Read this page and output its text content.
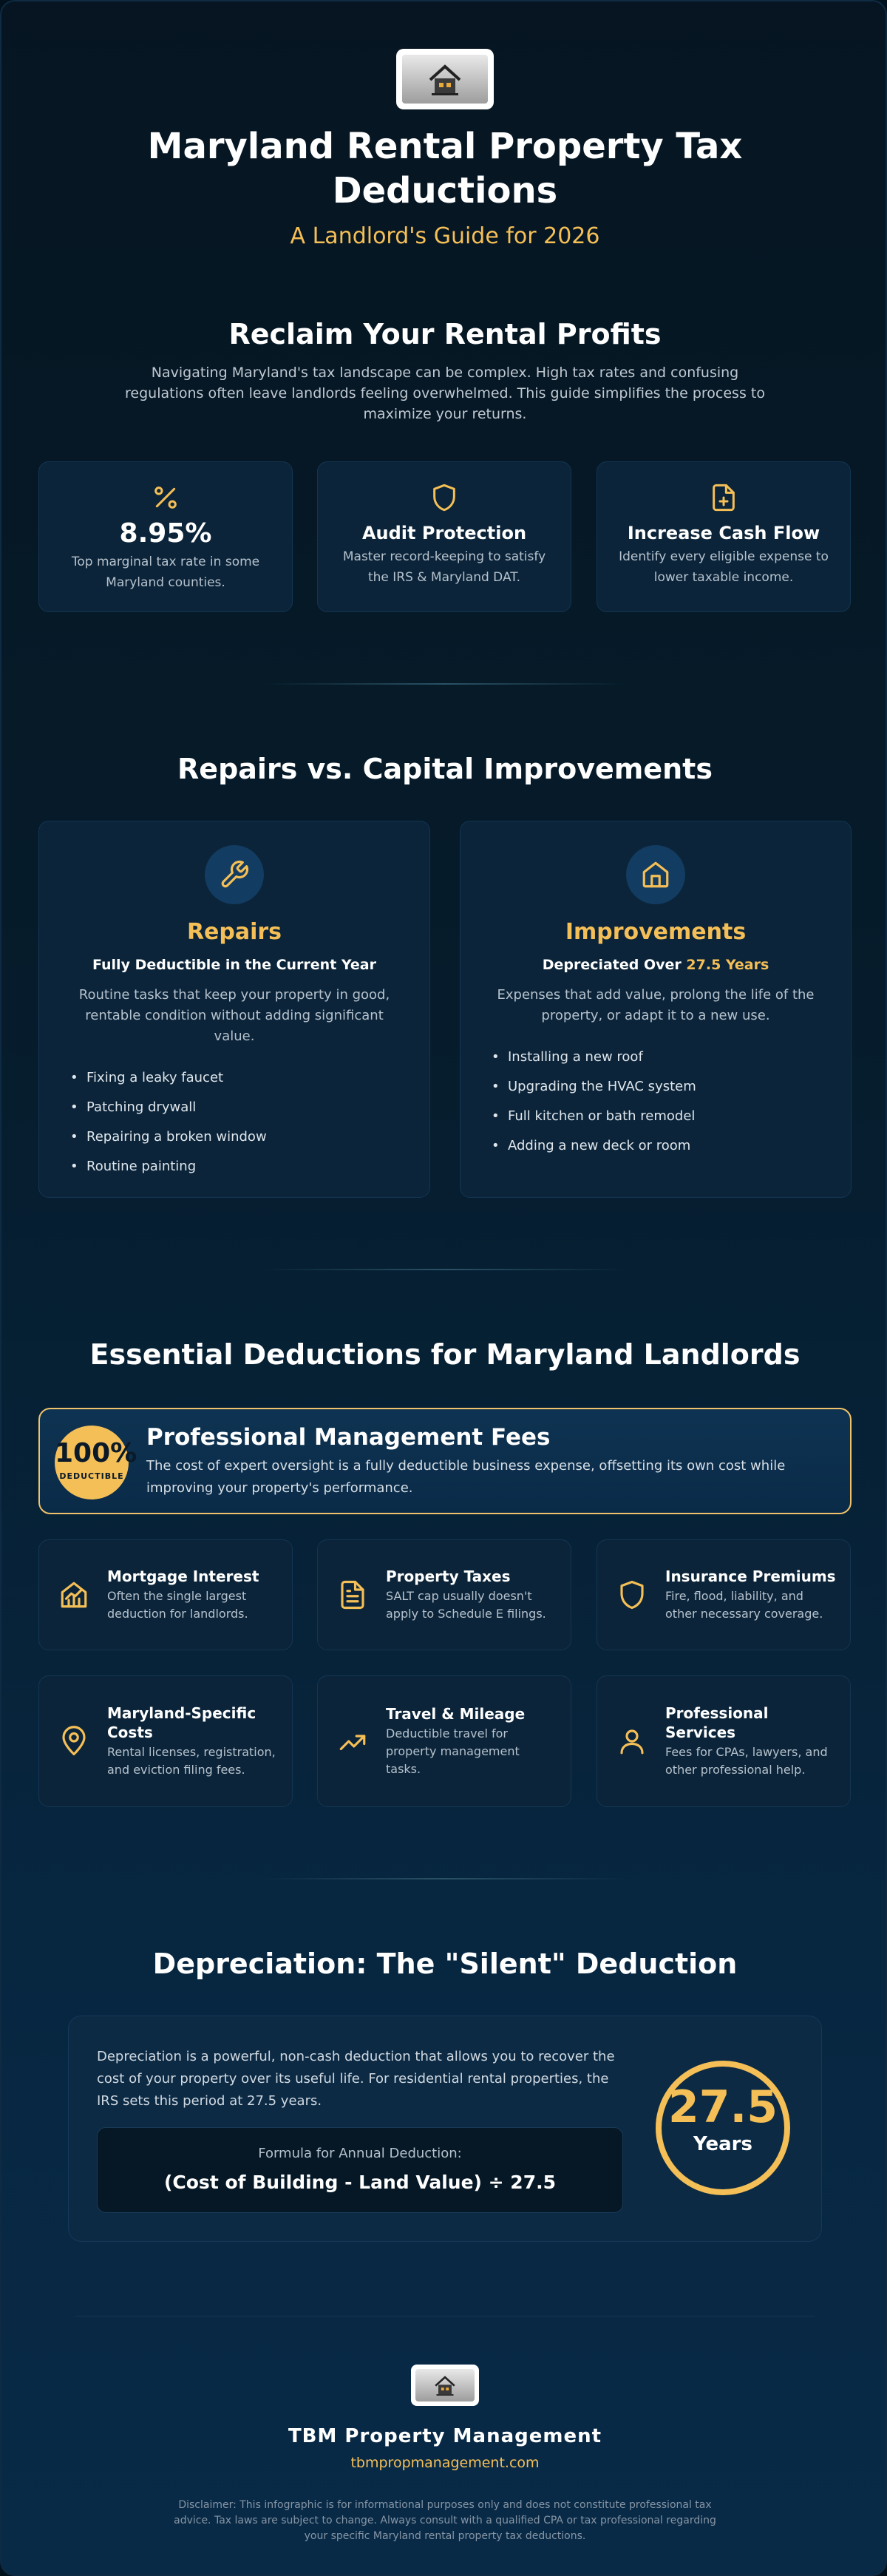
Maryland Rental Property Tax Deductions
A Landlord's Guide for 2026
Reclaim Your Rental Profits
Navigating Maryland's tax landscape can be complex. High tax rates and confusing regulations often leave landlords feeling overwhelmed. This guide simplifies the process to maximize your returns.
8.95%
Top marginal tax rate in some Maryland counties.
Audit Protection
Master record-keeping to satisfy the IRS & Maryland DAT.
Increase Cash Flow
Identify every eligible expense to lower taxable income.
Repairs vs. Capital Improvements
Repairs
Fully Deductible in the Current Year
Routine tasks that keep your property in good, rentable condition without adding significant value.
• Fixing a leaky faucet
• Patching drywall
• Repairing a broken window
• Routine painting
Improvements
Depreciated Over 27.5 Years
Expenses that add value, prolong the life of the property, or adapt it to a new use.
• Installing a new roof
• Upgrading the HVAC system
• Full kitchen or bath remodel
• Adding a new deck or room
Essential Deductions for Maryland Landlords
100%
DEDUCTIBLE
Professional Management Fees
The cost of expert oversight is a fully deductible business expense, offsetting its own cost while improving your property's performance.
Mortgage Interest
Often the single largest deduction for landlords.
Property Taxes
SALT cap usually doesn't apply to Schedule E filings.
Insurance Premiums
Fire, flood, liability, and other necessary coverage.
Maryland-Specific Costs
Rental licenses, registration, and eviction filing fees.
Travel & Mileage
Deductible travel for property management tasks.
Professional Services
Fees for CPAs, lawyers, and other professional help.
Depreciation: The "Silent" Deduction
Depreciation is a powerful, non-cash deduction that allows you to recover the cost of your property over its useful life. For residential rental properties, the IRS sets this period at 27.5 years.
Formula for Annual Deduction:
(Cost of Building - Land Value) ÷ 27.5
27.5
Years
TBM Property Management
tbmpropmanagement.com
Disclaimer: This infographic is for informational purposes only and does not constitute professional tax advice. Tax laws are subject to change. Always consult with a qualified CPA or tax professional regarding your specific Maryland rental property tax deductions.
